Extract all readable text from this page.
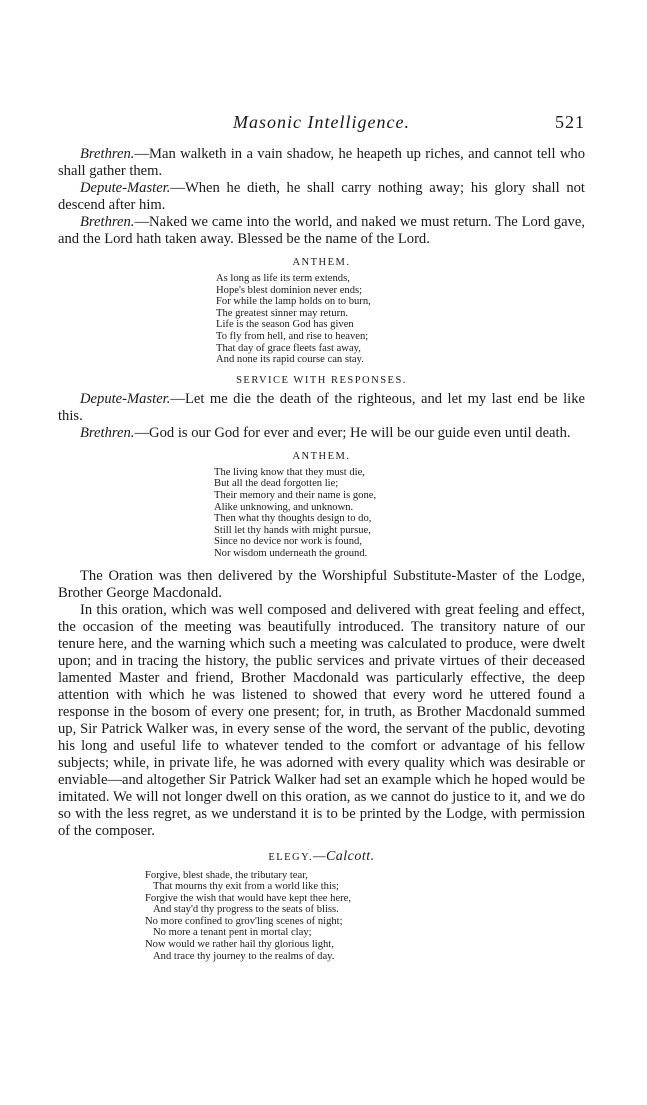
Masonic Intelligence.	521

Brethren.—Man walketh in a vain shadow, he heapeth up riches, and cannot tell who shall gather them.

Depute-Master.—When he dieth, he shall carry nothing away; his glory shall not descend after him.

Brethren.—Naked we came into the world, and naked we must return. The Lord gave, and the Lord hath taken away. Blessed be the name of the Lord.

ANTHEM.
As long as life its term extends,
Hope's blest dominion never ends;
For while the lamp holds on to burn,
The greatest sinner may return.
Life is the season God has given
To fly from hell, and rise to heaven;
That day of grace fleets fast away,
And none its rapid course can stay.
SERVICE WITH RESPONSES.

Depute-Master.—Let me die the death of the righteous, and let my last end be like this.

Brethren.—God is our God for ever and ever; He will be our guide even until death.

ANTHEM.
The living know that they must die,
But all the dead forgotten lie;
Their memory and their name is gone,
Alike unknowing, and unknown.
Then what thy thoughts design to do,
Still let thy hands with might pursue,
Since no device nor work is found,
Nor wisdom underneath the ground.

The Oration was then delivered by the Worshipful Substitute-Master of the Lodge, Brother George Macdonald.

In this oration, which was well composed and delivered with great feeling and effect, the occasion of the meeting was beautifully introduced. The transitory nature of our tenure here, and the warning which such a meeting was calculated to produce, were dwelt upon; and in tracing the history, the public services and private virtues of their deceased lamented Master and friend, Brother Macdonald was particularly effective, the deep attention with which he was listened to showed that every word he uttered found a response in the bosom of every one present; for, in truth, as Brother Macdonald summed up, Sir Patrick Walker was, in every sense of the word, the servant of the public, devoting his long and useful life to whatever tended to the comfort or advantage of his fellow subjects; while, in private life, he was adorned with every quality which was desirable or enviable—and altogether Sir Patrick Walker had set an example which he hoped would be imitated. We will not longer dwell on this oration, as we cannot do justice to it, and we do so with the less regret, as we understand it is to be printed by the Lodge, with permission of the composer.

ELEGY.—Calcott.
Forgive, blest shade, the tributary tear,
That mourns thy exit from a world like this;
Forgive the wish that would have kept thee here,
And stay'd thy progress to the seats of bliss.
No more confined to grov'ling scenes of night;
No more a tenant pent in mortal clay;
Now would we rather hail thy glorious light,
And trace thy journey to the realms of day.
